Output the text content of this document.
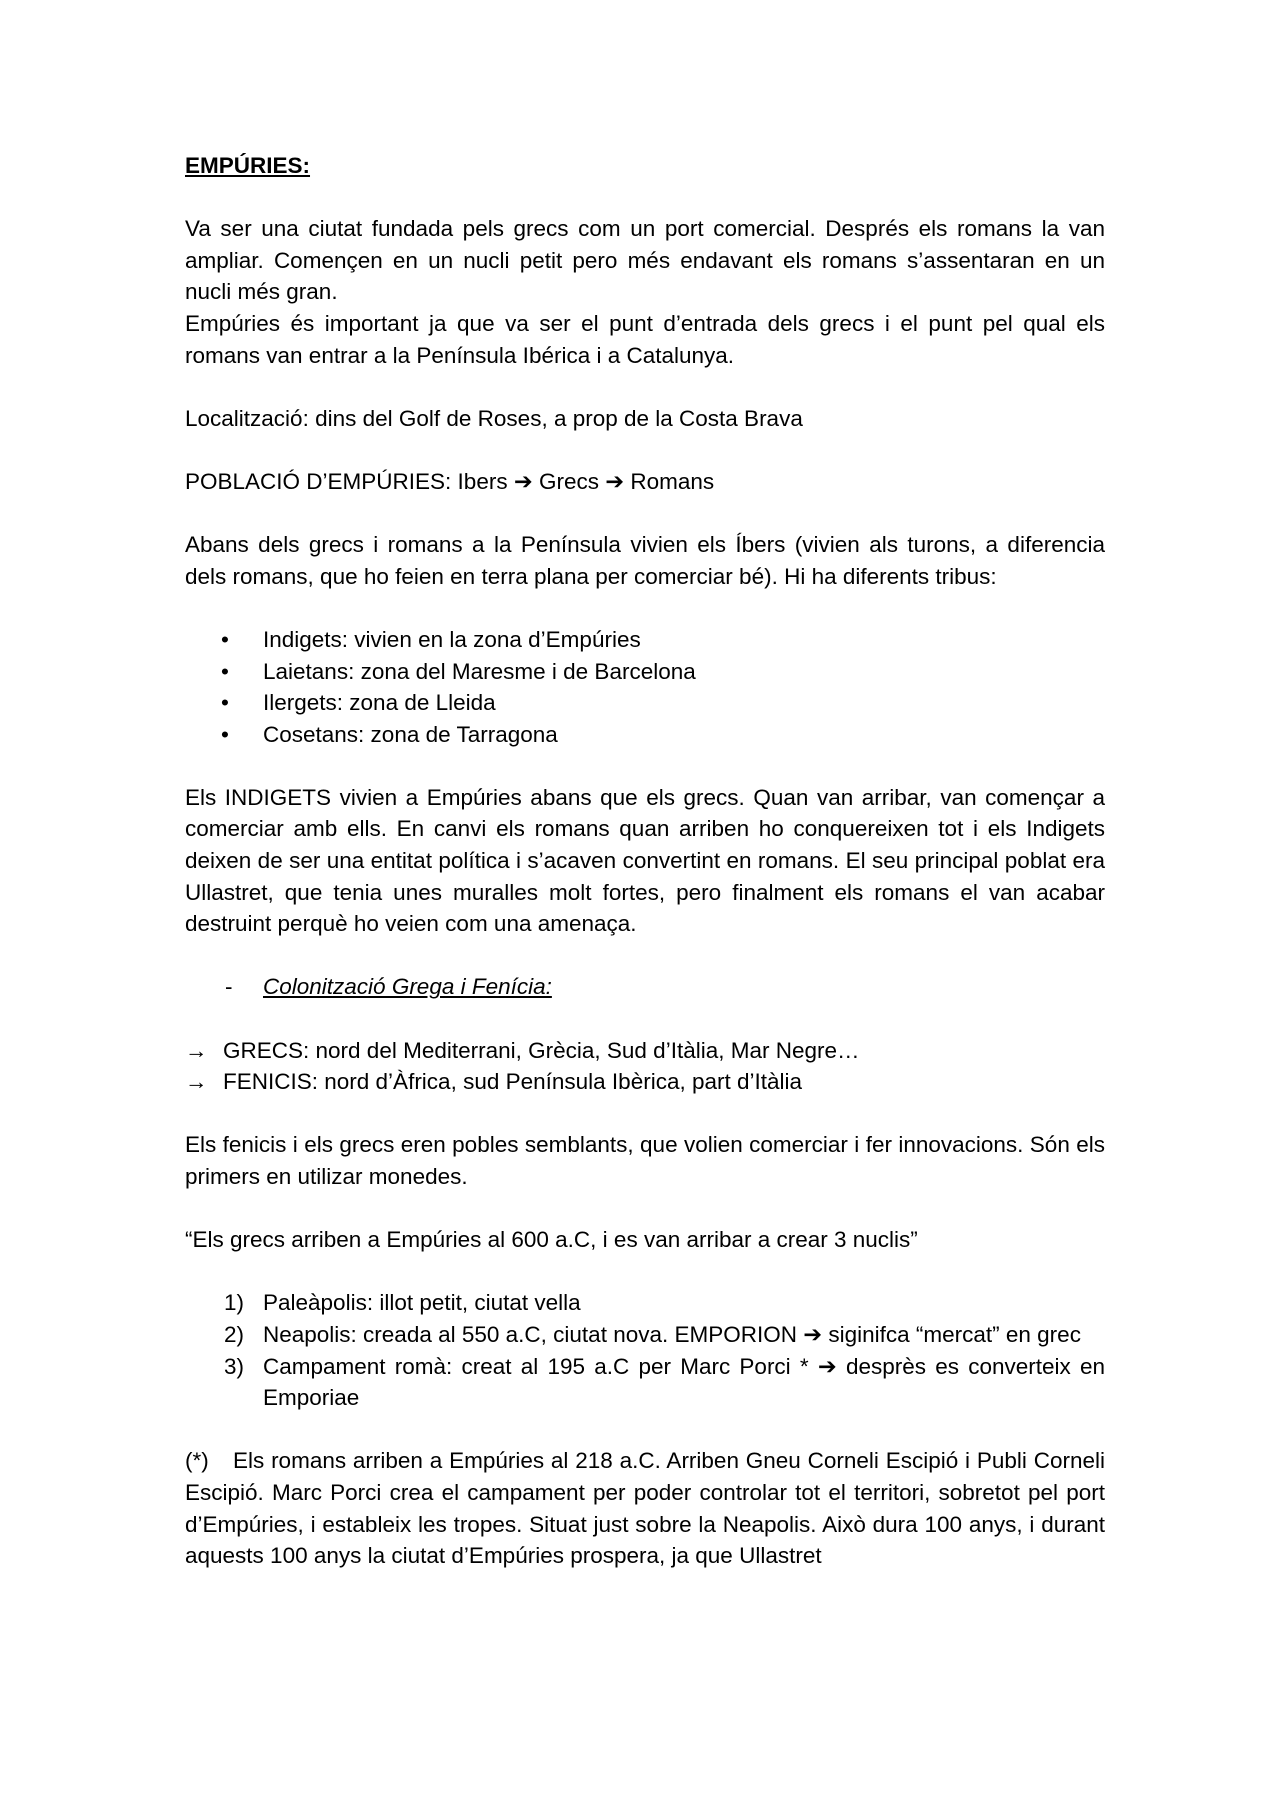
EMPÚRIES:

Va ser una ciutat fundada pels grecs com un port comercial. Després els romans la van ampliar. Començen en un nucli petit pero més endavant els romans s’assentaran en un nucli més gran.

Empúries és important ja que va ser el punt d’entrada dels grecs i el punt pel qual els romans van entrar a la Península Ibérica i a Catalunya.

Localització: dins del Golf de Roses, a prop de la Costa Brava

POBLACIÓ D’EMPÚRIES: Ibers ➔ Grecs ➔ Romans

Abans dels grecs i romans a la Península vivien els Íbers (vivien als turons, a diferencia dels romans, que ho feien en terra plana per comerciar bé). Hi ha diferents tribus:

• Indigets: vivien en la zona d’Empúries
• Laietans: zona del Maresme i de Barcelona
• Ilergets: zona de Lleida
• Cosetans: zona de Tarragona

Els INDIGETS vivien a Empúries abans que els grecs. Quan van arribar, van començar a comerciar amb ells. En canvi els romans quan arriben ho conquereixen tot i els Indigets deixen de ser una entitat política i s’acaven convertint en romans. El seu principal poblat era Ullastret, que tenia unes muralles molt fortes, pero finalment els romans el van acabar destruint perquè ho veien com una amenaça.

- Colonització Grega i Fenícia:
→ GRECS: nord del Mediterrani, Grècia, Sud d’Itàlia, Mar Negre…
→ FENICIS: nord d’Àfrica, sud Península Ibèrica, part d’Itàlia

Els fenicis i els grecs eren pobles semblants, que volien comerciar i fer innovacions. Són els primers en utilizar monedes.

“Els grecs arriben a Empúries al 600 a.C, i es van arribar a crear 3 nuclis”

1) Paleàpolis: illot petit, ciutat vella
2) Neapolis: creada al 550 a.C, ciutat nova. EMPORION ➔ siginifca “mercat” en grec
3) Campament romà: creat al 195 a.C per Marc Porci * ➔ desprès es converteix en Emporiae

(*) Els romans arriben a Empúries al 218 a.C. Arriben Gneu Corneli Escipió i Publi Corneli Escipió. Marc Porci crea el campament per poder controlar tot el territori, sobretot pel port d’Empúries, i estableix les tropes. Situat just sobre la Neapolis. Això dura 100 anys, i durant aquests 100 anys la ciutat d’Empúries prospera, ja que Ullastret
